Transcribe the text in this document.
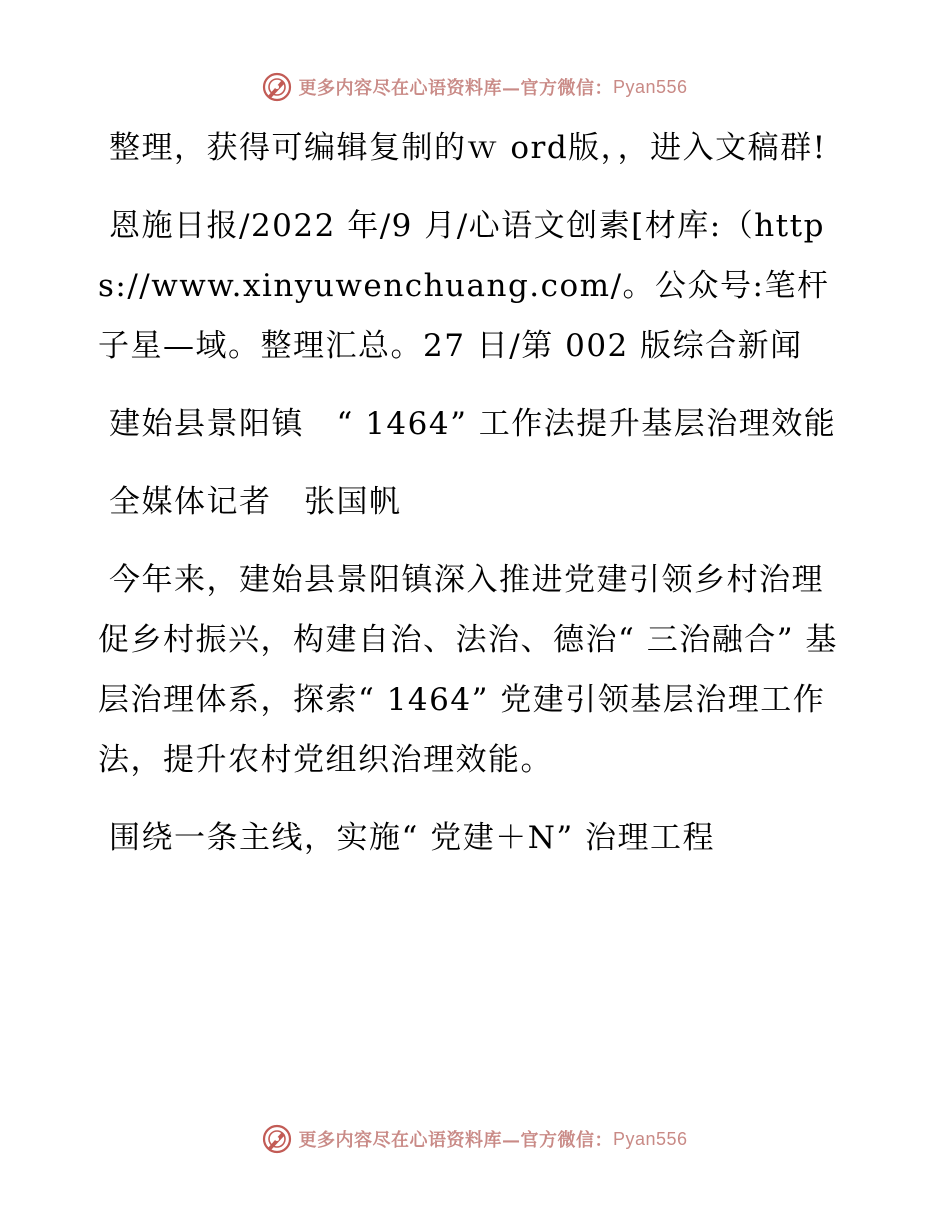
更多内容尽在心语资料库—官方微信： Pyan556

整理，获得可编辑复制的ｗ ord版，，进入文稿群!

恩施日报/2022 年/9 月/心语文创素[材库:（https://www.xinyuwenchuang.com/。公众号:笔杆子星—域。整理汇总。27 日/第 002 版综合新闻

建始县景阳镇　“ 1464” 工作法提升基层治理效能

全媒体记者　张国帆

今年来，建始县景阳镇深入推进党建引领乡村治理促乡村振兴，构建自治、法治、德治“ 三治融合” 基层治理体系，探索“ 1464” 党建引领基层治理工作法，提升农村党组织治理效能。

围绕一条主线，实施“ 党建＋N” 治理工程

更多内容尽在心语资料库—官方微信： Pyan556
